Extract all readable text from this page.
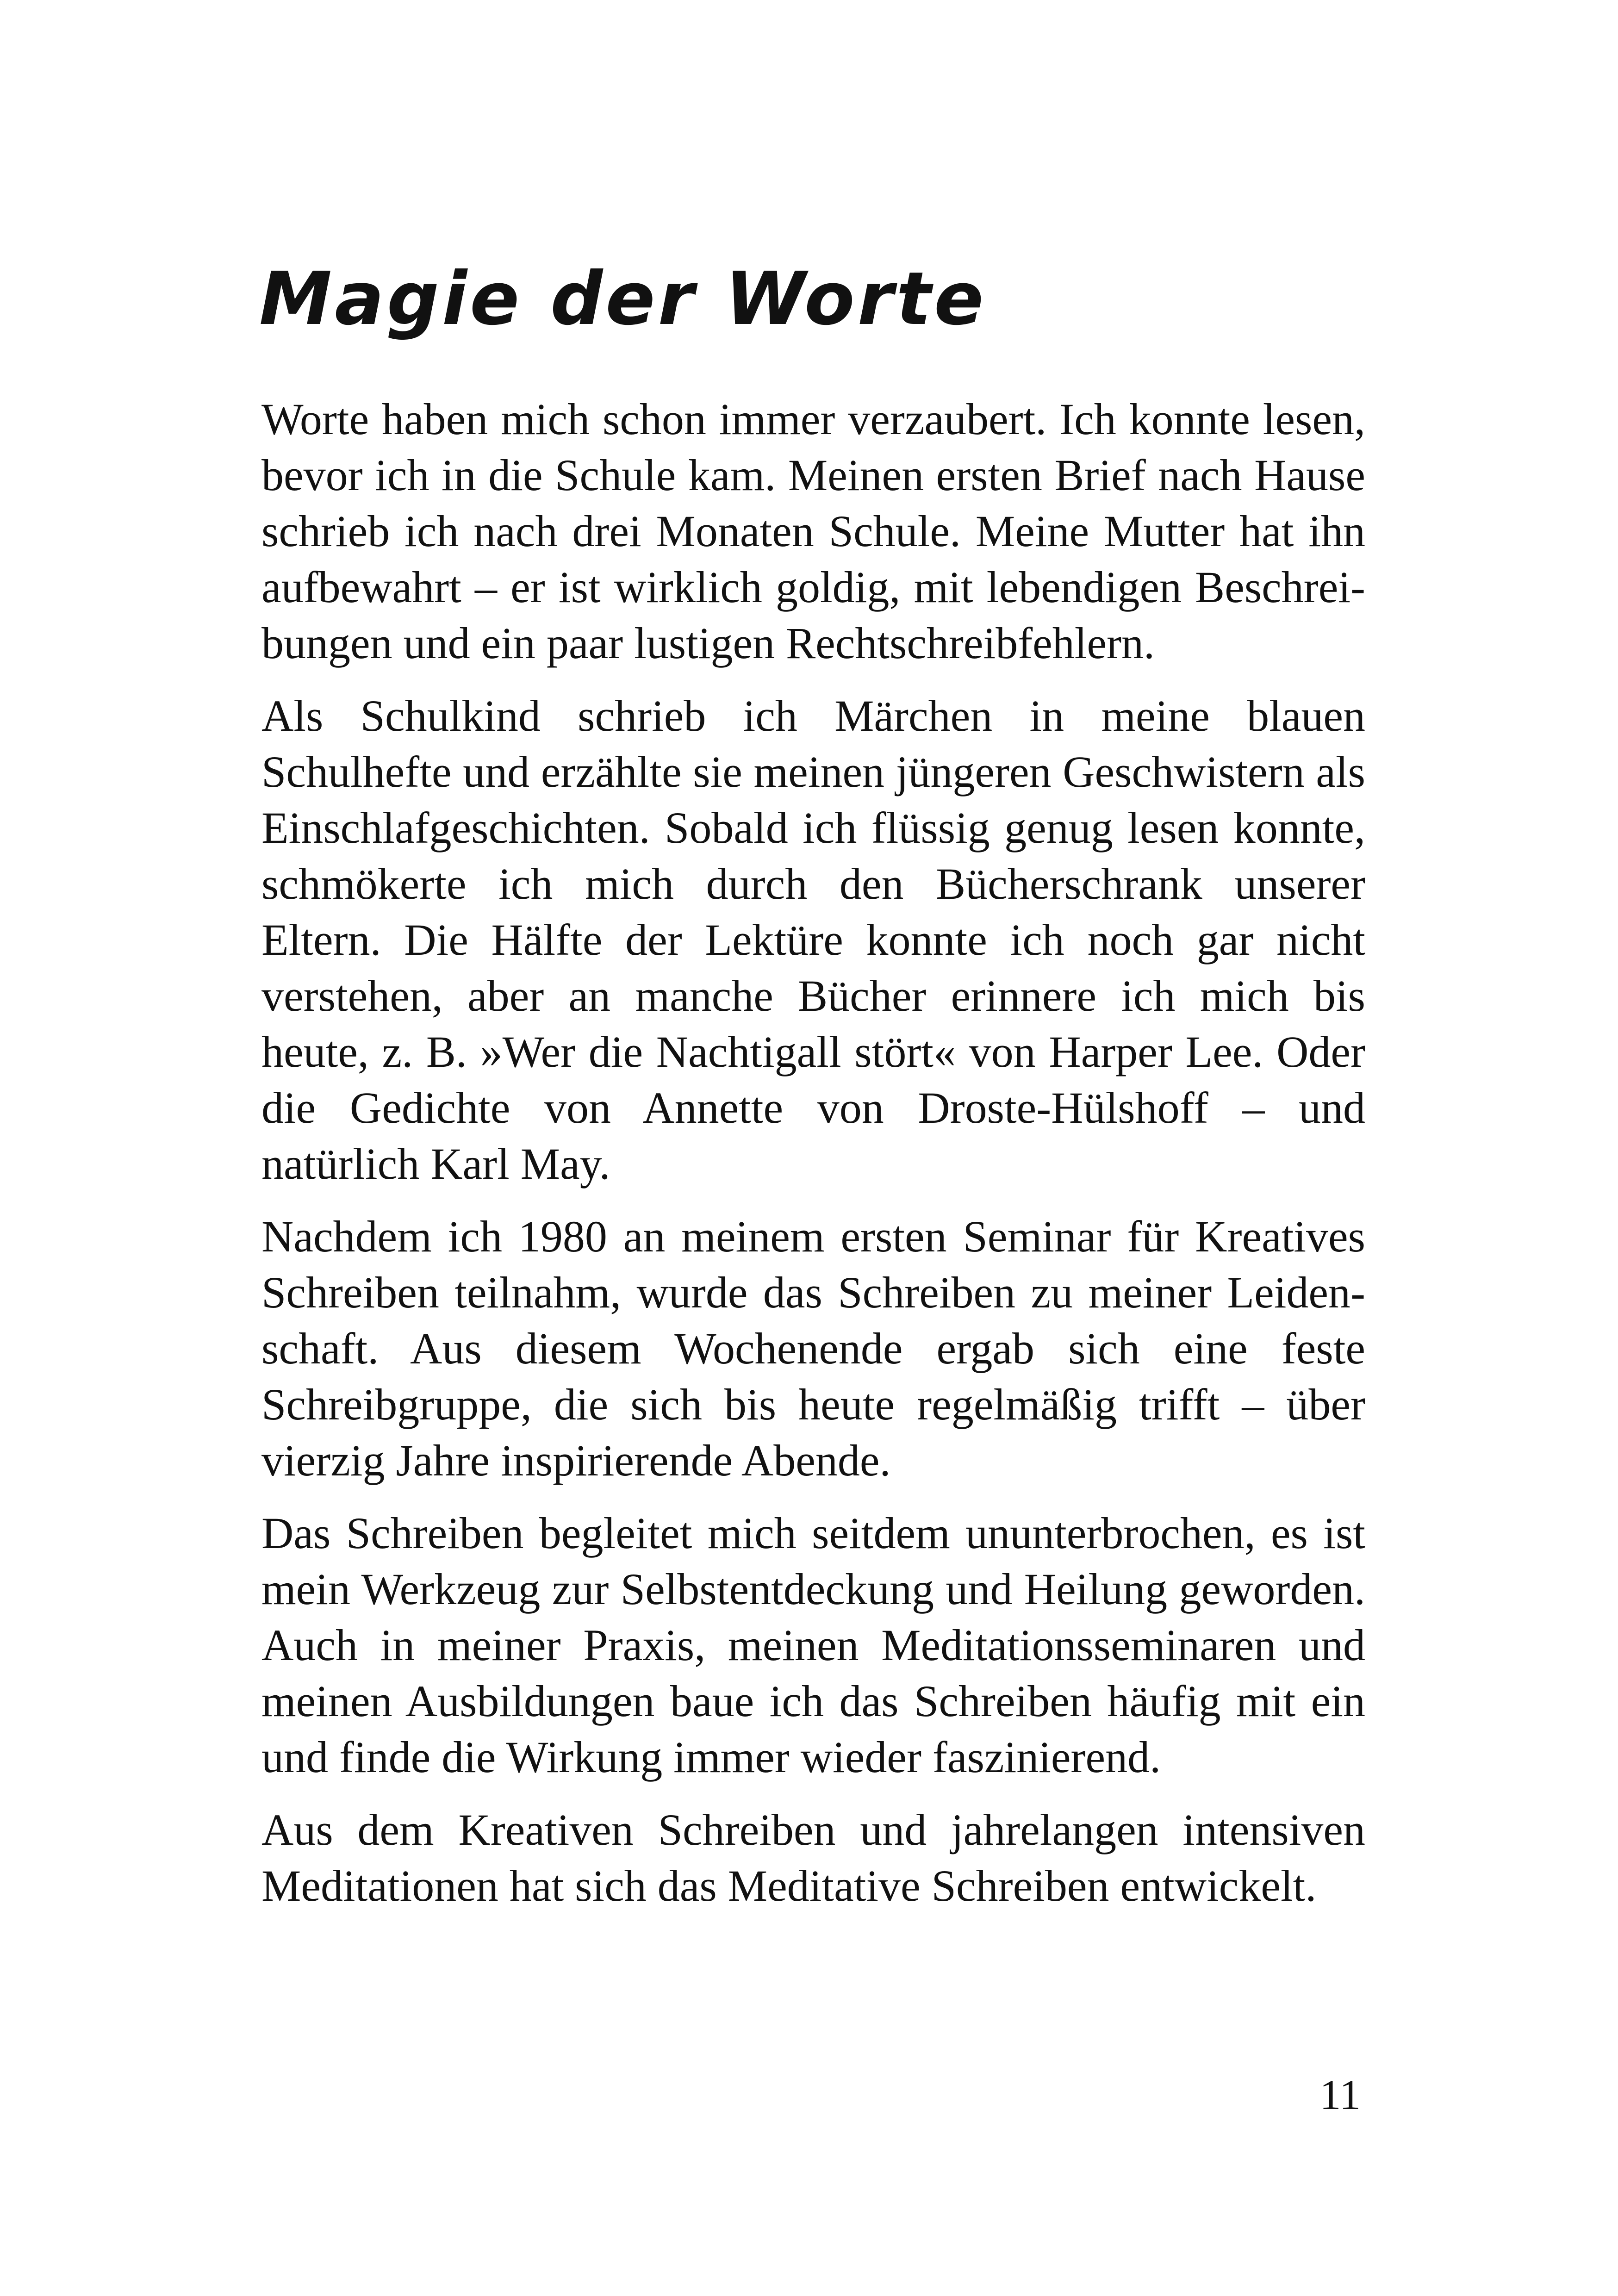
Magie der Worte

Worte haben mich schon immer verzaubert. Ich konnte lesen, bevor ich in die Schule kam. Meinen ersten Brief nach Hause schrieb ich nach drei Monaten Schule. Meine Mutter hat ihn aufbewahrt – er ist wirklich goldig, mit lebendigen Beschreibungen und ein paar lustigen Rechtschreibfehlern.

Als Schulkind schrieb ich Märchen in meine blauen Schulhefte und erzählte sie meinen jüngeren Geschwistern als Einschlafgeschichten. Sobald ich flüssig genug lesen konnte, schmökerte ich mich durch den Bücherschrank unserer Eltern. Die Hälfte der Lektüre konnte ich noch gar nicht verstehen, aber an manche Bücher erinnere ich mich bis heute, z. B. »Wer die Nachtigall stört« von Harper Lee. Oder die Gedichte von Annette von Droste-Hülshoff – und natürlich Karl May.

Nachdem ich 1980 an meinem ersten Seminar für Kreatives Schreiben teilnahm, wurde das Schreiben zu meiner Leidenschaft. Aus diesem Wochenende ergab sich eine feste Schreibgruppe, die sich bis heute regelmäßig trifft – über vierzig Jahre inspirierende Abende.

Das Schreiben begleitet mich seitdem ununterbrochen, es ist mein Werkzeug zur Selbstentdeckung und Heilung geworden. Auch in meiner Praxis, meinen Meditationsseminaren und meinen Ausbildungen baue ich das Schreiben häufig mit ein und finde die Wirkung immer wieder faszinierend.

Aus dem Kreativen Schreiben und jahrelangen intensiven Meditationen hat sich das Meditative Schreiben entwickelt.

11
